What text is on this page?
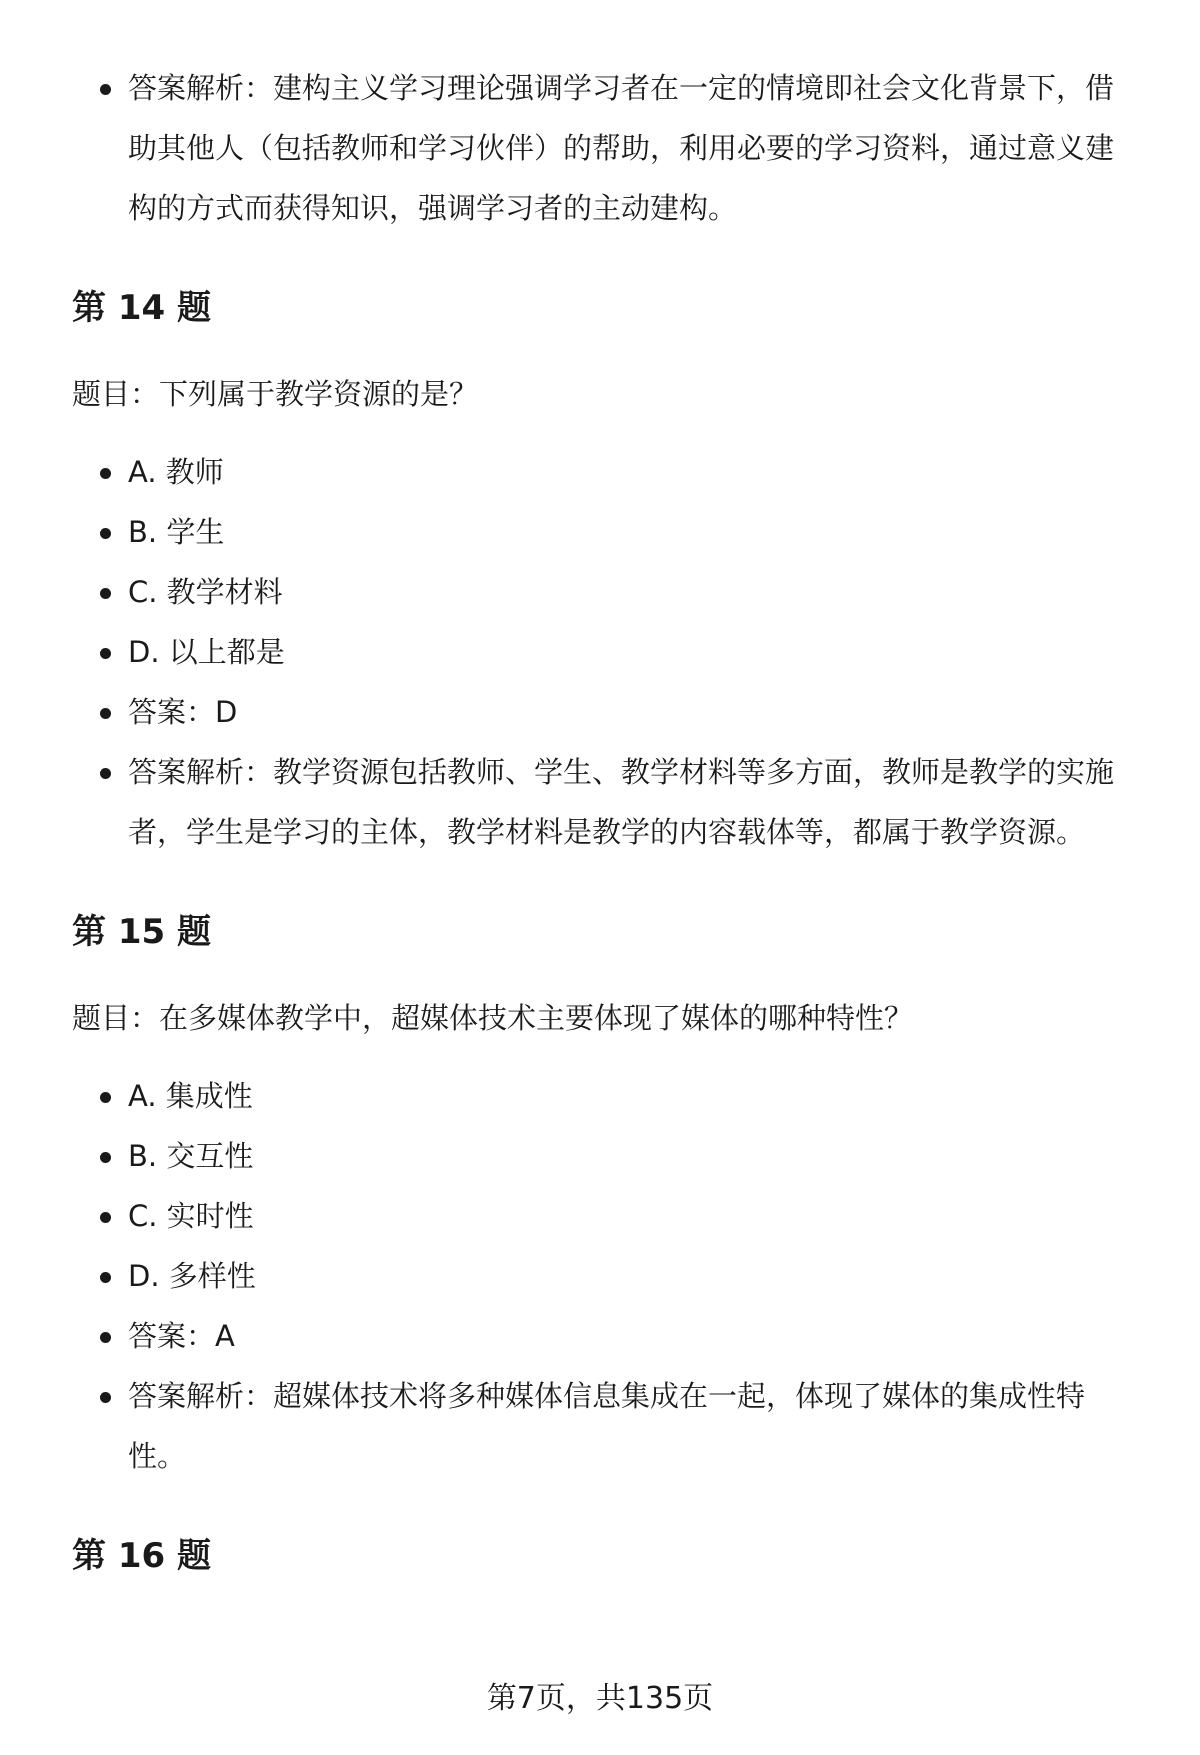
答案解析：建构主义学习理论强调学习者在一定的情境即社会文化背景下，借助其他人（包括教师和学习伙伴）的帮助，利用必要的学习资料，通过意义建构的方式而获得知识，强调学习者的主动建构。
第 14 题

题目：下列属于教学资源的是？

A. 教师
B. 学生
C. 教学材料
D. 以上都是
答案：D
答案解析：教学资源包括教师、学生、教学材料等多方面，教师是教学的实施者，学生是学习的主体，教学材料是教学的内容载体等，都属于教学资源。
第 15 题

题目：在多媒体教学中，超媒体技术主要体现了媒体的哪种特性？

A. 集成性
B. 交互性
C. 实时性
D. 多样性
答案：A
答案解析：超媒体技术将多种媒体信息集成在一起，体现了媒体的集成性特性。
第 16 题
第7页，共135页
